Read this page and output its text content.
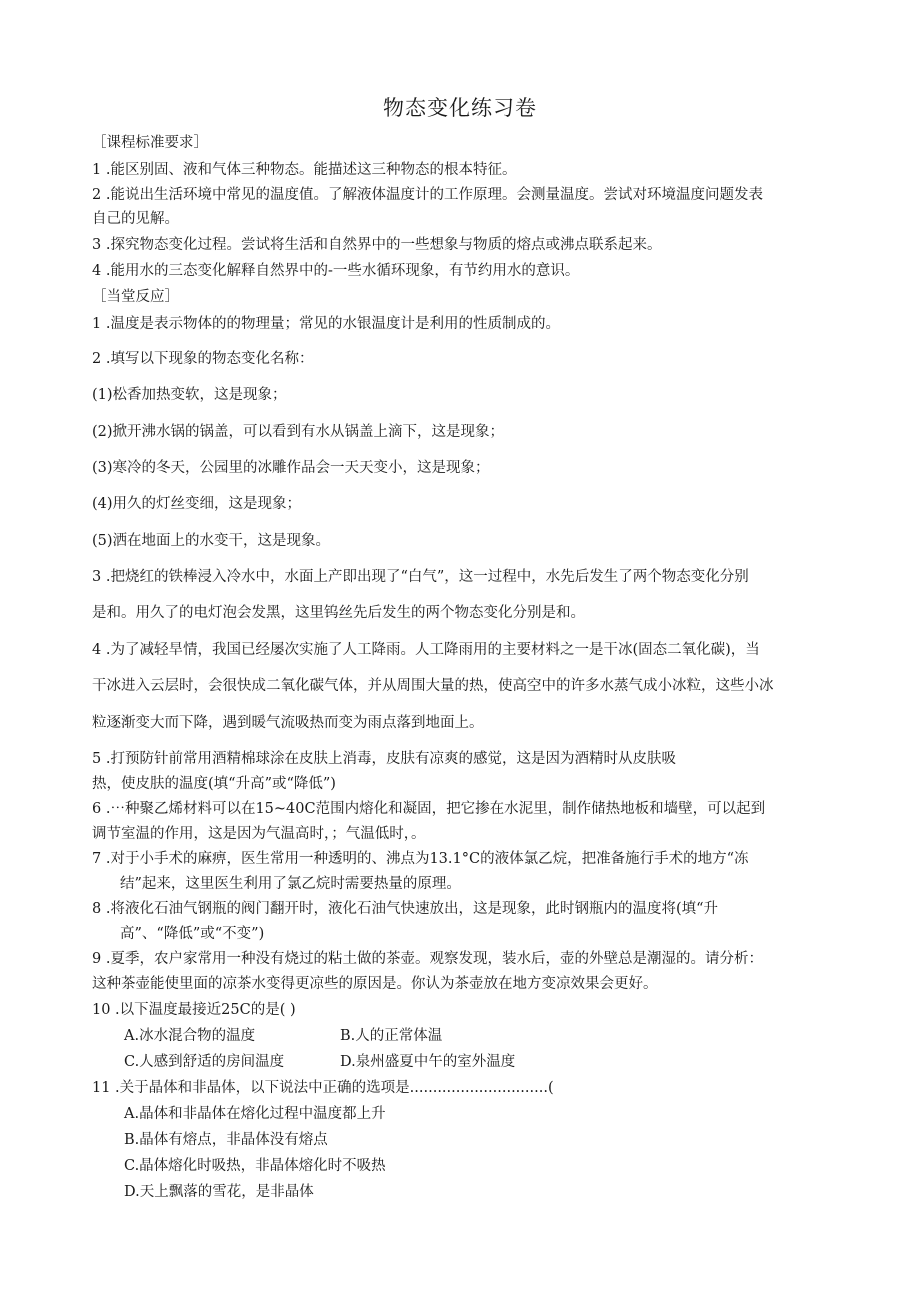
物态变化练习卷
［课程标准要求］
1 .能区别固、液和气体三种物态。能描述这三种物态的根本特征。
2 .能说出生活环境中常见的温度值。了解液体温度计的工作原理。会测量温度。尝试对环境温度问题发表
自己的见解。
3 .探究物态变化过程。尝试将生活和自然界中的一些想象与物质的熔点或沸点联系起来。
4 .能用水的三态变化解释自然界中的-一些水循环现象，有节约用水的意识。
［当堂反应］
1 .温度是表示物体的的物理量；常见的水银温度计是利用的性质制成的。
2 .填写以下现象的物态变化名称：
(1)松香加热变软，这是现象；
(2)掀开沸水锅的锅盖，可以看到有水从锅盖上滴下，这是现象；
(3)寒冷的冬天，公园里的冰雕作品会一天天变小，这是现象；
(4)用久的灯丝变细，这是现象；
(5)洒在地面上的水变干，这是现象。
3 .把烧红的铁棒浸入冷水中，水面上产即出现了“白气”，这一过程中，水先后发生了两个物态变化分别
是和。用久了的电灯泡会发黑，这里钨丝先后发生的两个物态变化分别是和。
4 .为了减轻旱情，我国已经屡次实施了人工降雨。人工降雨用的主要材料之一是干冰(固态二氧化碳)，当
干冰进入云层时，会很快成二氧化碳气体，并从周围大量的热，使高空中的许多水蒸气成小冰粒，这些小冰
粒逐渐变大而下降，遇到暖气流吸热而变为雨点落到地面上。
5 .打预防针前常用酒精棉球涂在皮肤上消毒，皮肤有凉爽的感觉，这是因为酒精时从皮肤吸
热，使皮肤的温度(填“升高”或“降低”)
6 .⋯种聚乙烯材料可以在15~40C范围内熔化和凝固，把它掺在水泥里，制作储热地板和墙壁，可以起到
调节室温的作用，这是因为气温高时，；气温低时，。
7 .对于小手术的麻痹，医生常用一种透明的、沸点为13.1°C的液体氯乙烷，把准备施行手术的地方“冻
结”起来，这里医生利用了氯乙烷时需要热量的原理。
8 .将液化石油气钢瓶的阀门翻开时，液化石油气快速放出，这是现象，此时钢瓶内的温度将(填“升
高”、“降低”或“不变”)
9 .夏季，农户家常用一种没有烧过的粘土做的茶壶。观察发现，装水后，壶的外壁总是潮湿的。请分析：
这种茶壶能使里面的凉茶水变得更凉些的原因是。你认为茶壶放在地方变凉效果会更好。
10 .以下温度最接近25C的是( )
A.冰水混合物的温度	B.人的正常体温
C.人感到舒适的房间温度	D.泉州盛夏中午的室外温度
11 .关于晶体和非晶体，以下说法中正确的选项是..............................(
A.晶体和非晶体在熔化过程中温度都上升
B.晶体有熔点，非晶体没有熔点
C.晶体熔化时吸热，非晶体熔化时不吸热
D.天上飘落的雪花，是非晶体
